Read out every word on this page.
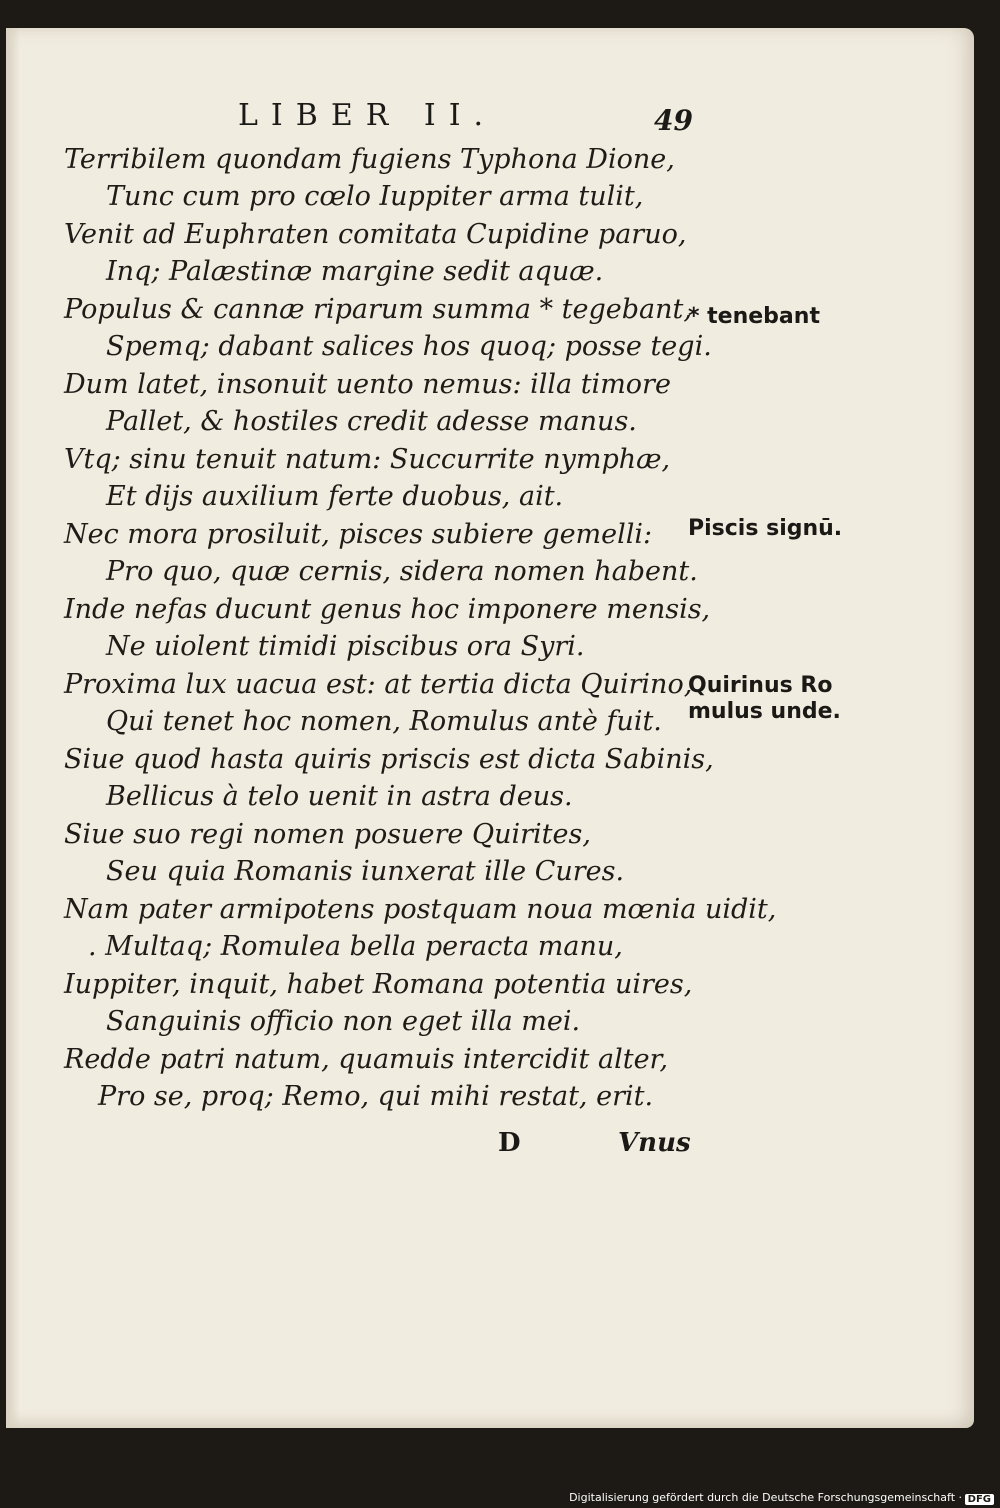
LIBER II.	49
Terribilem quondam fugiens Typhona Dione,
Tunc cum pro cœlo Iuppiter arma tulit,
Venit ad Euphraten comitata Cupidine paruo,
Inq; Palæstinæ margine sedit aquæ.
Populus & cannæ riparum summa * tegebant,
Spemq; dabant salices hos quoq; posse tegi.
Dum latet, insonuit uento nemus: illa timore
Pallet, & hostiles credit adesse manus.
Vtq; sinu tenuit natum: Succurrite nymphæ,
Et dijs auxilium ferte duobus, ait.
Nec mora prosiluit, pisces subiere gemelli:
Pro quo, quæ cernis, sidera nomen habent.
Inde nefas ducunt genus hoc imponere mensis,
Ne uiolent timidi piscibus ora Syri.
Proxima lux uacua est: at tertia dicta Quirino,
Qui tenet hoc nomen, Romulus antè fuit.
Siue quod hasta quiris priscis est dicta Sabinis,
Bellicus à telo uenit in astra deus.
Siue suo regi nomen posuere Quirites,
Seu quia Romanis iunxerat ille Cures.
Nam pater armipotens postquam noua mœnia uidit,
. Multaq; Romulea bella peracta manu,
Iuppiter, inquit, habet Romana potentia uires,
Sanguinis officio non eget illa mei.
Redde patri natum, quamuis intercidit alter,
Pro se, proq; Remo, qui mihi restat, erit.
* tenebant
Piscis signū.
Quirinus Ro
mulus unde.
D	Vnus
Digitalisierung gefördert durch die Deutsche Forschungsgemeinschaft · DFG
